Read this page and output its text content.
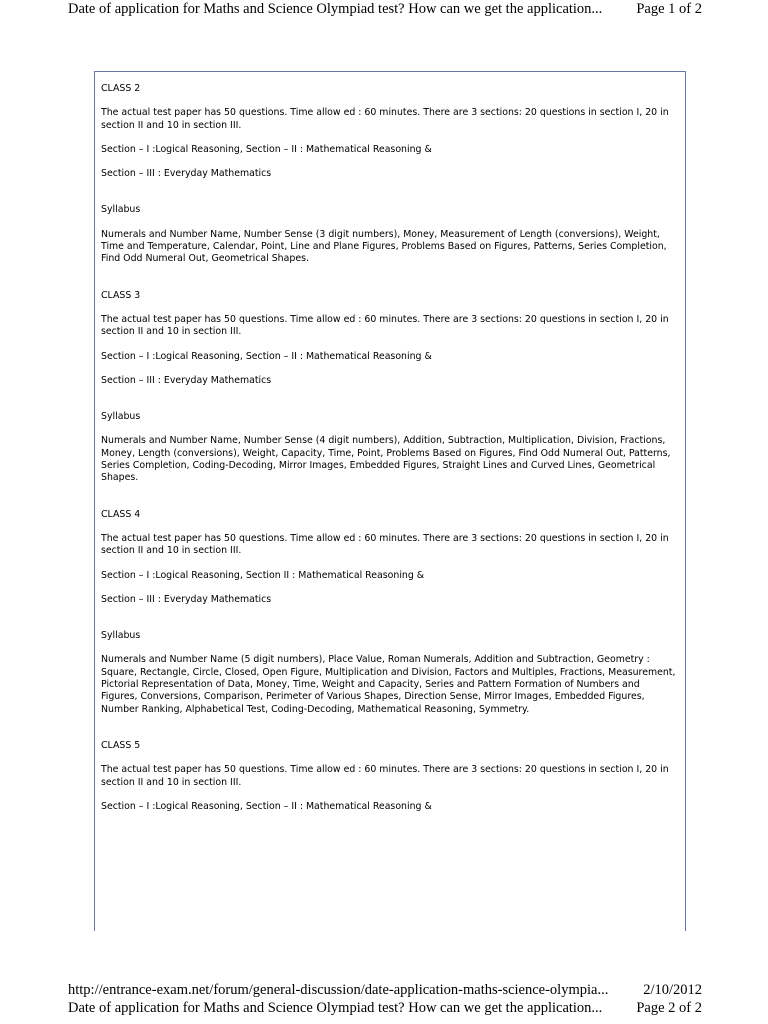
Date of application for Maths and Science Olympiad test? How can we get the application... Page 1 of 2

CLASS 2

The actual test paper has 50 questions. Time allow ed : 60 minutes. There are 3 sections: 20 questions in section I, 20 in section II and 10 in section III.

Section – I :Logical Reasoning, Section – II : Mathematical Reasoning &

Section – III : Everyday Mathematics

Syllabus

Numerals and Number Name, Number Sense (3 digit numbers), Money, Measurement of Length (conversions), Weight, Time and Temperature, Calendar, Point, Line and Plane Figures, Problems Based on Figures, Patterns, Series Completion, Find Odd Numeral Out, Geometrical Shapes.

CLASS 3

The actual test paper has 50 questions. Time allow ed : 60 minutes. There are 3 sections: 20 questions in section I, 20 in section II and 10 in section III.

Section – I :Logical Reasoning, Section – II : Mathematical Reasoning &

Section – III : Everyday Mathematics

Syllabus

Numerals and Number Name, Number Sense (4 digit numbers), Addition, Subtraction, Multiplication, Division, Fractions, Money, Length (conversions), Weight, Capacity, Time, Point, Problems Based on Figures, Find Odd Numeral Out, Patterns, Series Completion, Coding-Decoding, Mirror Images, Embedded Figures, Straight Lines and Curved Lines, Geometrical Shapes.

CLASS 4

The actual test paper has 50 questions. Time allow ed : 60 minutes. There are 3 sections: 20 questions in section I, 20 in section II and 10 in section III.

Section – I :Logical Reasoning, Section II : Mathematical Reasoning &

Section – III : Everyday Mathematics

Syllabus

Numerals and Number Name (5 digit numbers), Place Value, Roman Numerals, Addition and Subtraction, Geometry : Square, Rectangle, Circle, Closed, Open Figure, Multiplication and Division, Factors and Multiples, Fractions, Measurement, Pictorial Representation of Data, Money, Time, Weight and Capacity, Series and Pattern Formation of Numbers and Figures, Conversions, Comparison, Perimeter of Various Shapes, Direction Sense, Mirror Images, Embedded Figures, Number Ranking, Alphabetical Test, Coding-Decoding, Mathematical Reasoning, Symmetry.

CLASS 5

The actual test paper has 50 questions. Time allow ed : 60 minutes. There are 3 sections: 20 questions in section I, 20 in section II and 10 in section III.

Section – I :Logical Reasoning, Section – II : Mathematical Reasoning &

http://entrance-exam.net/forum/general-discussion/date-application-maths-science-olympia... 2/10/2012
Date of application for Maths and Science Olympiad test? How can we get the application... Page 2 of 2
